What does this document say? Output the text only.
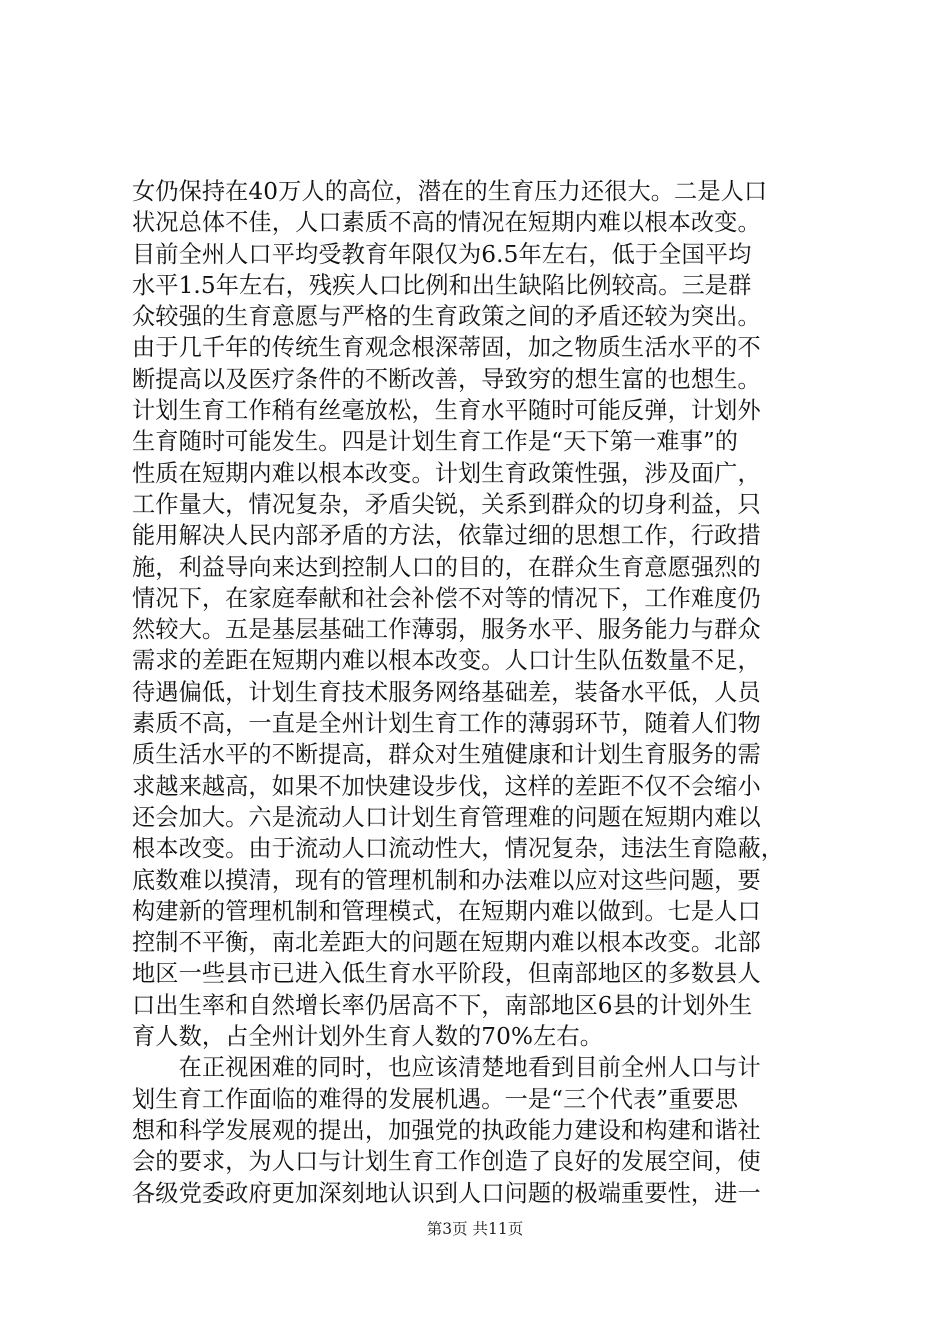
女仍保持在40万人的高位，潜在的生育压力还很大。二是人口
状况总体不佳，人口素质不高的情况在短期内难以根本改变。
目前全州人口平均受教育年限仅为6.5年左右，低于全国平均
水平1.5年左右，残疾人口比例和出生缺陷比例较高。三是群
众较强的生育意愿与严格的生育政策之间的矛盾还较为突出。
由于几千年的传统生育观念根深蒂固，加之物质生活水平的不
断提高以及医疗条件的不断改善，导致穷的想生富的也想生。
计划生育工作稍有丝毫放松，生育水平随时可能反弹，计划外
生育随时可能发生。四是计划生育工作是“天下第一难事”的
性质在短期内难以根本改变。计划生育政策性强，涉及面广，
工作量大，情况复杂，矛盾尖锐，关系到群众的切身利益，只
能用解决人民内部矛盾的方法，依靠过细的思想工作，行政措
施，利益导向来达到控制人口的目的，在群众生育意愿强烈的
情况下，在家庭奉献和社会补偿不对等的情况下，工作难度仍
然较大。五是基层基础工作薄弱，服务水平、服务能力与群众
需求的差距在短期内难以根本改变。人口计生队伍数量不足，
待遇偏低，计划生育技术服务网络基础差，装备水平低，人员
素质不高，一直是全州计划生育工作的薄弱环节，随着人们物
质生活水平的不断提高，群众对生殖健康和计划生育服务的需
求越来越高，如果不加快建设步伐，这样的差距不仅不会缩小
还会加大。六是流动人口计划生育管理难的问题在短期内难以
根本改变。由于流动人口流动性大，情况复杂，违法生育隐蔽，
底数难以摸清，现有的管理机制和办法难以应对这些问题，要
构建新的管理机制和管理模式，在短期内难以做到。七是人口
控制不平衡，南北差距大的问题在短期内难以根本改变。北部
地区一些县市已进入低生育水平阶段，但南部地区的多数县人
口出生率和自然增长率仍居高不下，南部地区6县的计划外生
育人数，占全州计划外生育人数的70%左右。
　　在正视困难的同时，也应该清楚地看到目前全州人口与计
划生育工作面临的难得的发展机遇。一是“三个代表”重要思
想和科学发展观的提出，加强党的执政能力建设和构建和谐社
会的要求，为人口与计划生育工作创造了良好的发展空间，使
各级党委政府更加深刻地认识到人口问题的极端重要性，进一
第3页 共11页
